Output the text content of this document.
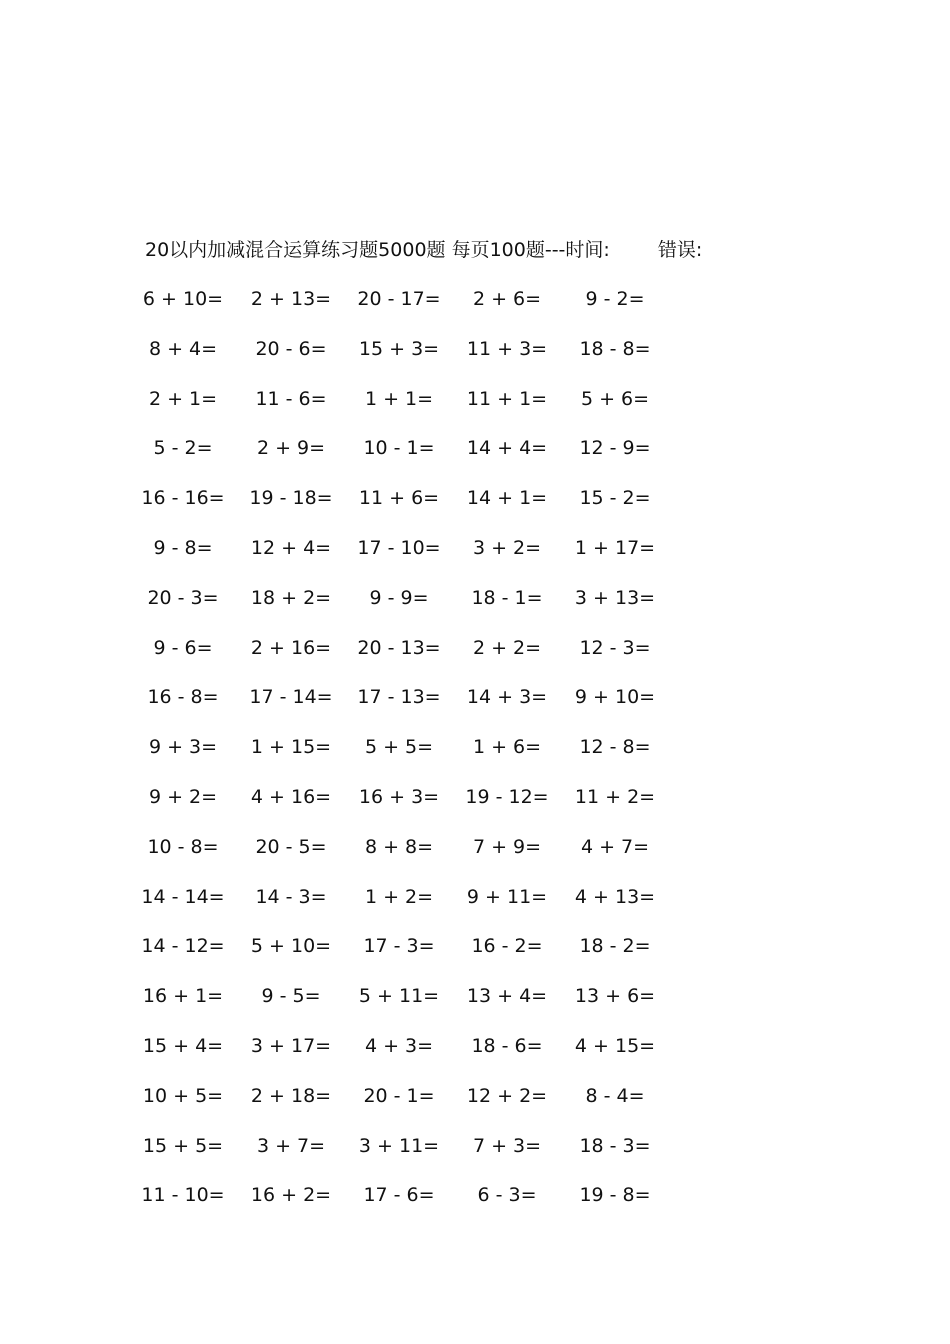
20以内加减混合运算练习题5000题 每页100题---时间:	错误:
6 + 10=	2 + 13=	20 - 17=	2 + 6=	9 - 2=
8 + 4=	20 - 6=	15 + 3=	11 + 3=	18 - 8=
2 + 1=	11 - 6=	1 + 1=	11 + 1=	5 + 6=
5 - 2=	2 + 9=	10 - 1=	14 + 4=	12 - 9=
16 - 16=	19 - 18=	11 + 6=	14 + 1=	15 - 2=
9 - 8=	12 + 4=	17 - 10=	3 + 2=	1 + 17=
20 - 3=	18 + 2=	9 - 9=	18 - 1=	3 + 13=
9 - 6=	2 + 16=	20 - 13=	2 + 2=	12 - 3=
16 - 8=	17 - 14=	17 - 13=	14 + 3=	9 + 10=
9 + 3=	1 + 15=	5 + 5=	1 + 6=	12 - 8=
9 + 2=	4 + 16=	16 + 3=	19 - 12=	11 + 2=
10 - 8=	20 - 5=	8 + 8=	7 + 9=	4 + 7=
14 - 14=	14 - 3=	1 + 2=	9 + 11=	4 + 13=
14 - 12=	5 + 10=	17 - 3=	16 - 2=	18 - 2=
16 + 1=	9 - 5=	5 + 11=	13 + 4=	13 + 6=
15 + 4=	3 + 17=	4 + 3=	18 - 6=	4 + 15=
10 + 5=	2 + 18=	20 - 1=	12 + 2=	8 - 4=
15 + 5=	3 + 7=	3 + 11=	7 + 3=	18 - 3=
11 - 10=	16 + 2=	17 - 6=	6 - 3=	19 - 8=
